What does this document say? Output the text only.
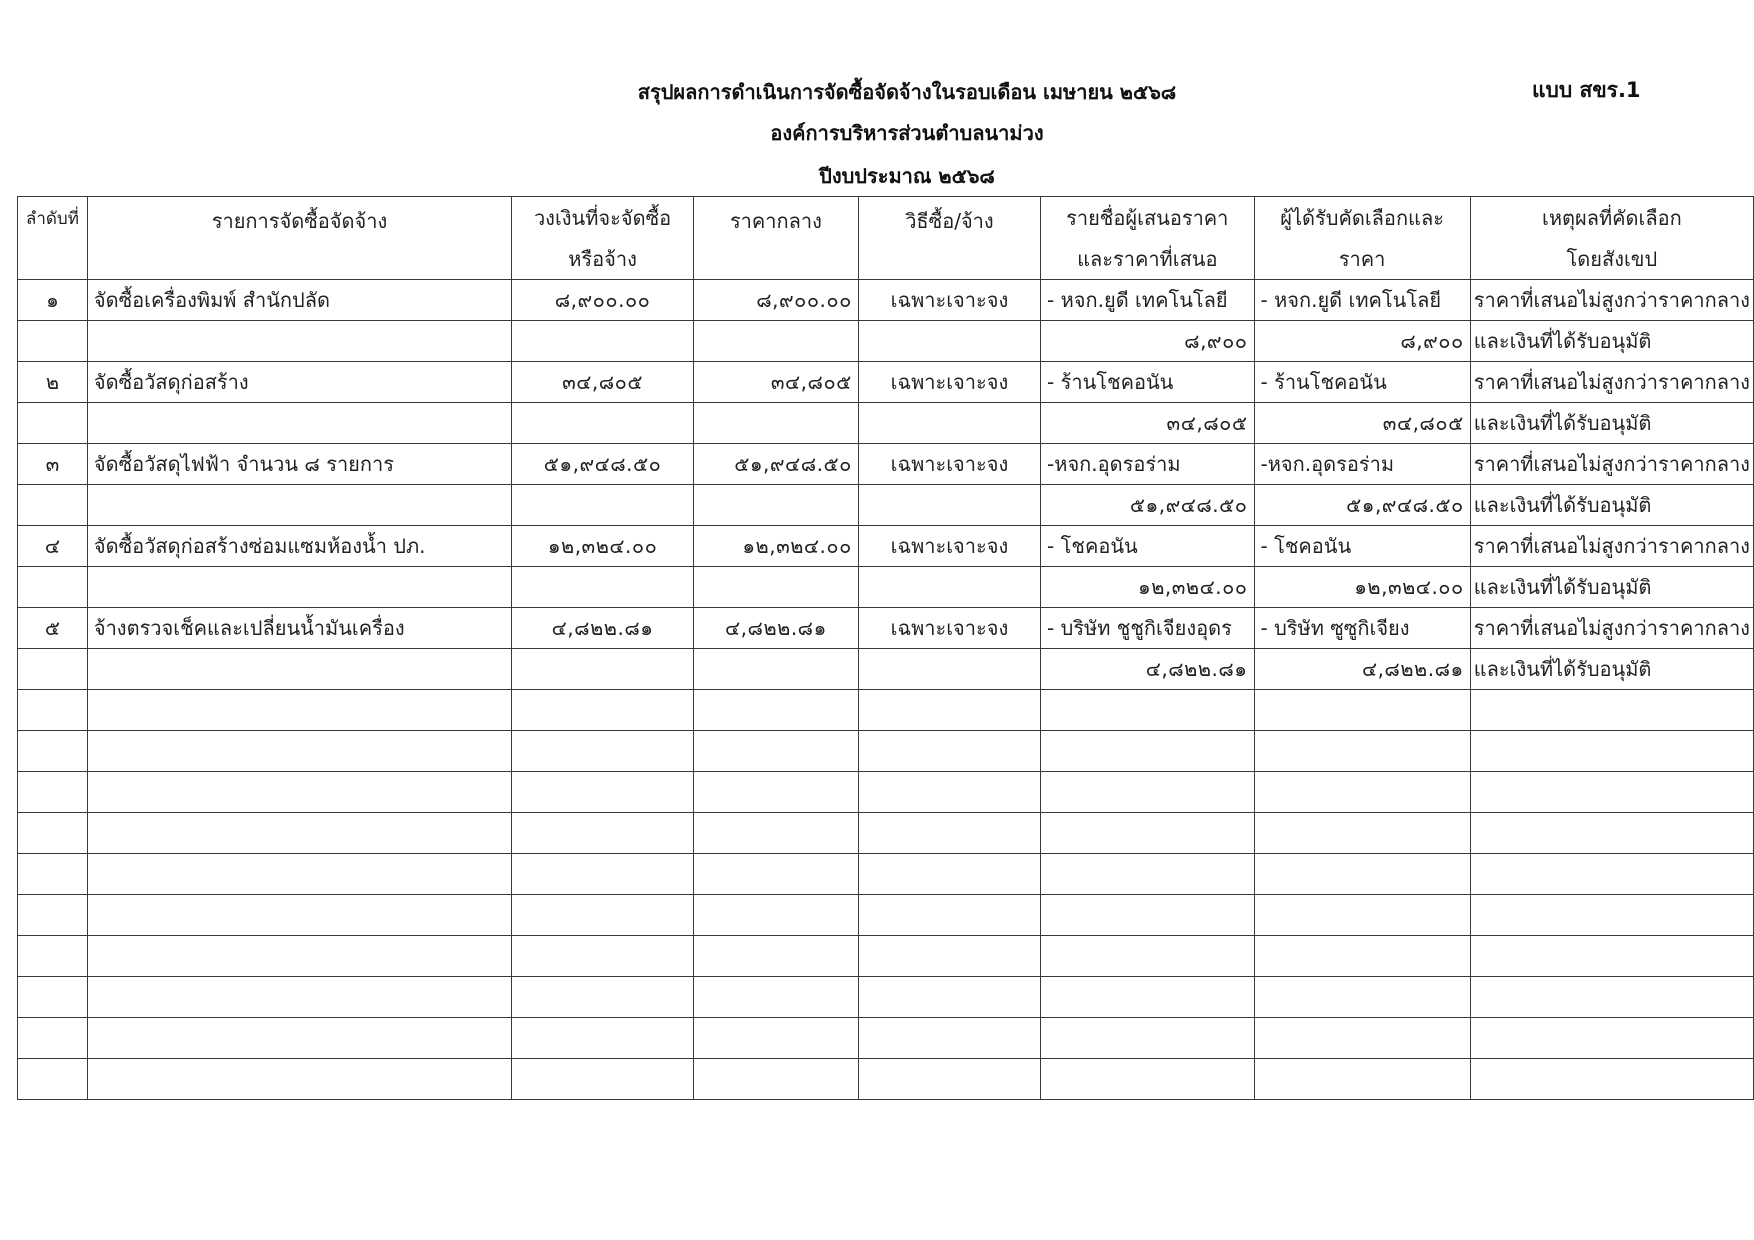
สรุปผลการดำเนินการจัดซื้อจัดจ้างในรอบเดือน เมษายน ๒๕๖๘
องค์การบริหารส่วนตำบลนาม่วง
ปีงบประมาณ ๒๕๖๘
แบบ สขร.1
ลำดับที่	รายการจัดซื้อจัดจ้าง	วงเงินที่จะจัดซื้อ	ราคากลาง	วิธีซื้อ/จ้าง	รายชื่อผู้เสนอราคา	ผู้ได้รับคัดเลือกและ	เหตุผลที่คัดเลือก
		หรือจ้าง			และราคาที่เสนอ	ราคา	โดยสังเขป
๑	จัดซื้อเครื่องพิมพ์ สำนักปลัด	๘,๙๐๐.๐๐	๘,๙๐๐.๐๐	เฉพาะเจาะจง	- หจก.ยูดี เทคโนโลยี	- หจก.ยูดี เทคโนโลยี	ราคาที่เสนอไม่สูงกว่าราคากลาง
					๘,๙๐๐	๘,๙๐๐	และเงินที่ได้รับอนุมัติ
๒	จัดซื้อวัสดุก่อสร้าง	๓๔,๘๐๕	๓๔,๘๐๕	เฉพาะเจาะจง	- ร้านโชคอนัน	- ร้านโชคอนัน	ราคาที่เสนอไม่สูงกว่าราคากลาง
					๓๔,๘๐๕	๓๔,๘๐๕	และเงินที่ได้รับอนุมัติ
๓	จัดซื้อวัสดุไฟฟ้า จำนวน ๘ รายการ	๕๑,๙๔๘.๕๐	๕๑,๙๔๘.๕๐	เฉพาะเจาะจง	-หจก.อุดรอร่าม	-หจก.อุดรอร่าม	ราคาที่เสนอไม่สูงกว่าราคากลาง
					๕๑,๙๔๘.๕๐	๕๑,๙๔๘.๕๐	และเงินที่ได้รับอนุมัติ
๔	จัดซื้อวัสดุก่อสร้างซ่อมแซมห้องน้ำ ปภ.	๑๒,๓๒๔.๐๐	๑๒,๓๒๔.๐๐	เฉพาะเจาะจง	- โชคอนัน	- โชคอนัน	ราคาที่เสนอไม่สูงกว่าราคากลาง
					๑๒,๓๒๔.๐๐	๑๒,๓๒๔.๐๐	และเงินที่ได้รับอนุมัติ
๕	จ้างตรวจเช็คและเปลี่ยนน้ำมันเครื่อง	๔,๘๒๒.๘๑	๔,๘๒๒.๘๑	เฉพาะเจาะจง	- บริษัท ชูชูกิเจียงอุดร	- บริษัท ซูซูกิเจียง	ราคาที่เสนอไม่สูงกว่าราคากลาง
					๔,๘๒๒.๘๑	๔,๘๒๒.๘๑	และเงินที่ได้รับอนุมัติ
